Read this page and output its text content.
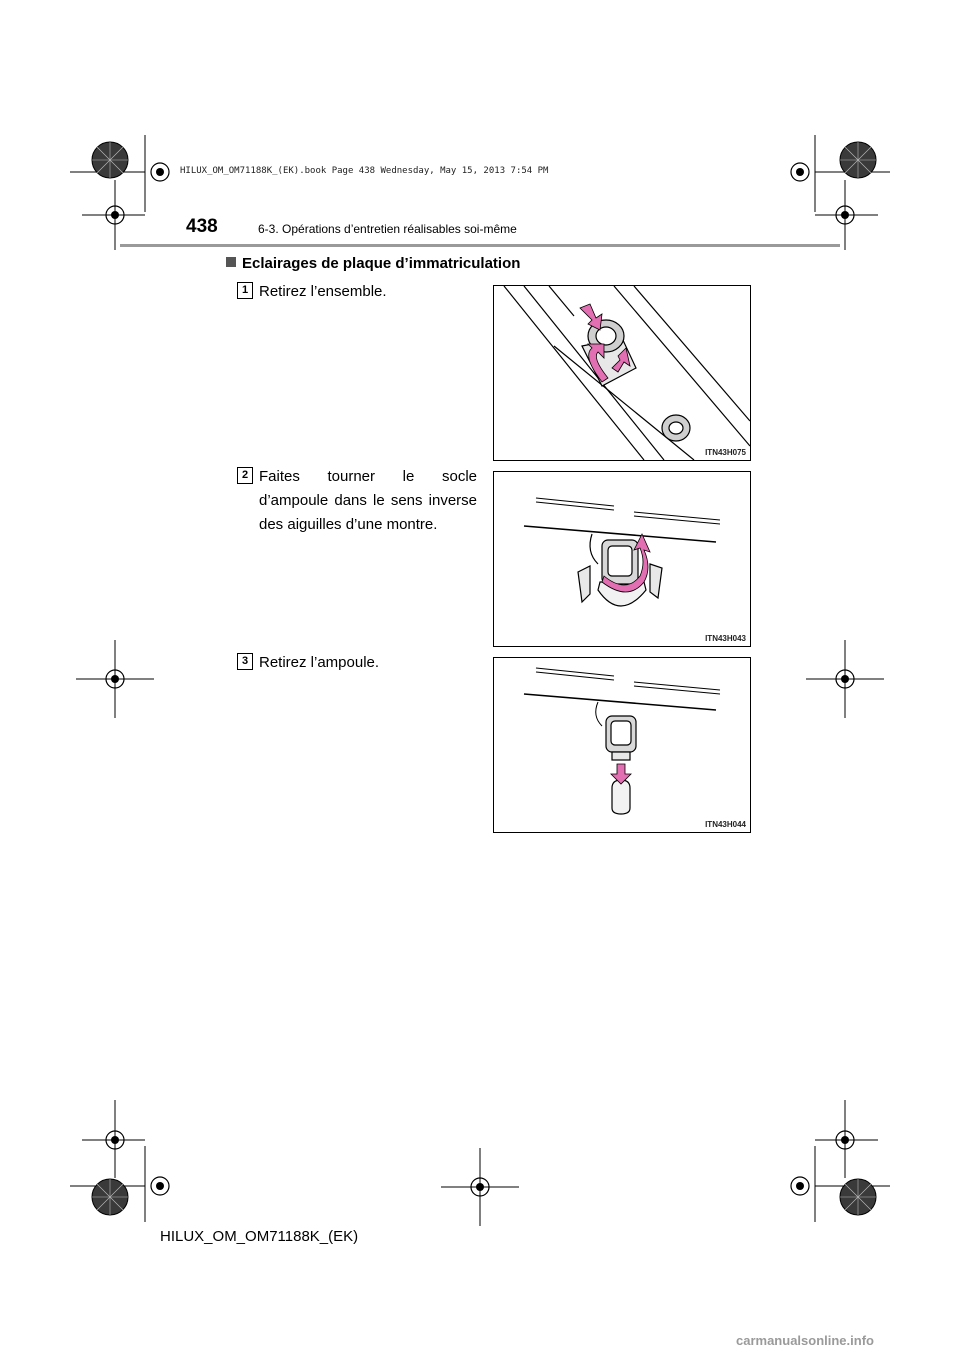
HILUX_OM_OM71188K_(EK).book Page 438 Wednesday, May 15, 2013 7:54 PM
438	6-3. Opérations d’entretien réalisables soi-même
Eclairages de plaque d’immatriculation
1 Retirez l’ensemble.
ITN43H075
2 Faites tourner le socle d’ampoule dans le sens inverse des aiguilles d’une montre.
ITN43H043
3 Retirez l’ampoule.
ITN43H044
HILUX_OM_OM71188K_(EK)
carmanualsonline.info
